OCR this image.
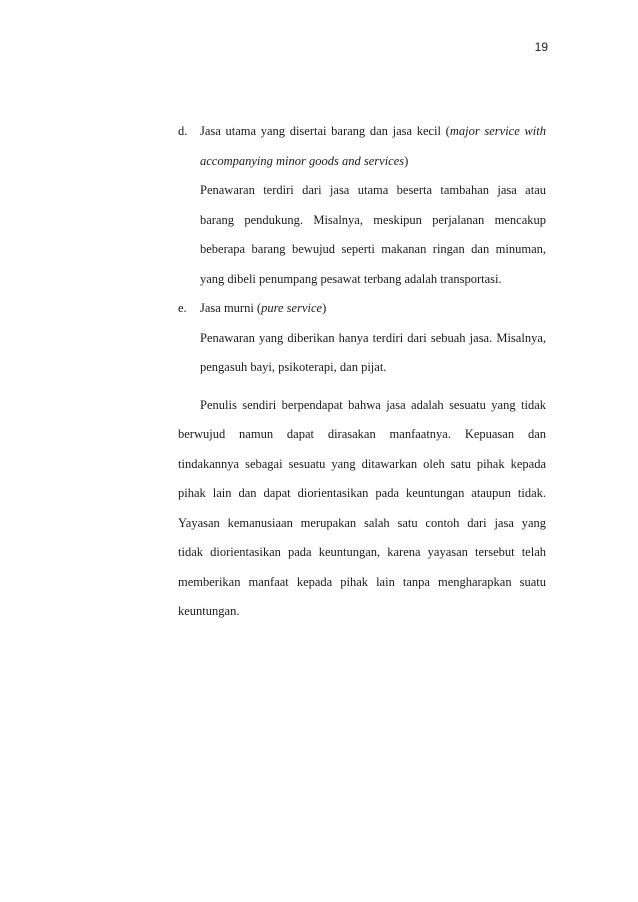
19
d. Jasa utama yang disertai barang dan jasa kecil (major service with
accompanying minor goods and services)
Penawaran terdiri dari jasa utama beserta tambahan jasa atau
barang pendukung. Misalnya, meskipun perjalanan mencakup
beberapa barang bewujud seperti makanan ringan dan minuman,
yang dibeli penumpang pesawat terbang adalah transportasi.
e. Jasa murni (pure service)
Penawaran yang diberikan hanya terdiri dari sebuah jasa. Misalnya,
pengasuh bayi, psikoterapi, dan pijat.
Penulis sendiri berpendapat bahwa jasa adalah sesuatu yang tidak
berwujud namun dapat dirasakan manfaatnya. Kepuasan dan
tindakannya sebagai sesuatu yang ditawarkan oleh satu pihak kepada
pihak lain dan dapat diorientasikan pada keuntungan ataupun tidak.
Yayasan kemanusiaan merupakan salah satu contoh dari jasa yang
tidak diorientasikan pada keuntungan, karena yayasan tersebut telah
memberikan manfaat kepada pihak lain tanpa mengharapkan suatu
keuntungan.
